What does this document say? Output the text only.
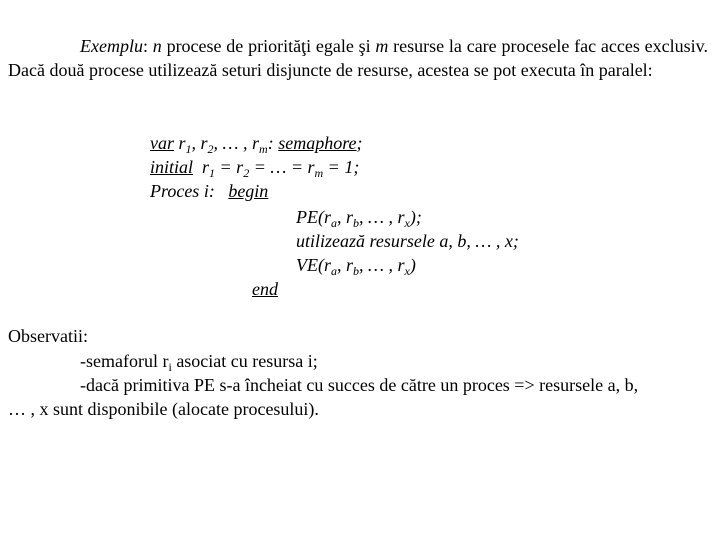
Exemplu: n procese de priorităţi egale şi m resurse la care procesele fac acces exclusiv. Dacă două procese utilizează seturi disjuncte de resurse, acestea se pot executa în paralel:
var $r_1$, $r_2$, … , $r_m$: semaphore;
initial  $r_1 = r_2$ = … = $r_m = 1$;
Proces i: begin
$PE(r_a$, $r_b$, … , $r_x$);
utilizează resursele a, b, … , x;
$VE(r_a$, $r_b$, … , $r_x$)
end
Observatii:
-semaforul $r_i$ asociat cu resursa i;
-dacă primitiva PE s-a încheiat cu succes de către un proces => resursele a, b,
… , x sunt disponibile (alocate procesului).
